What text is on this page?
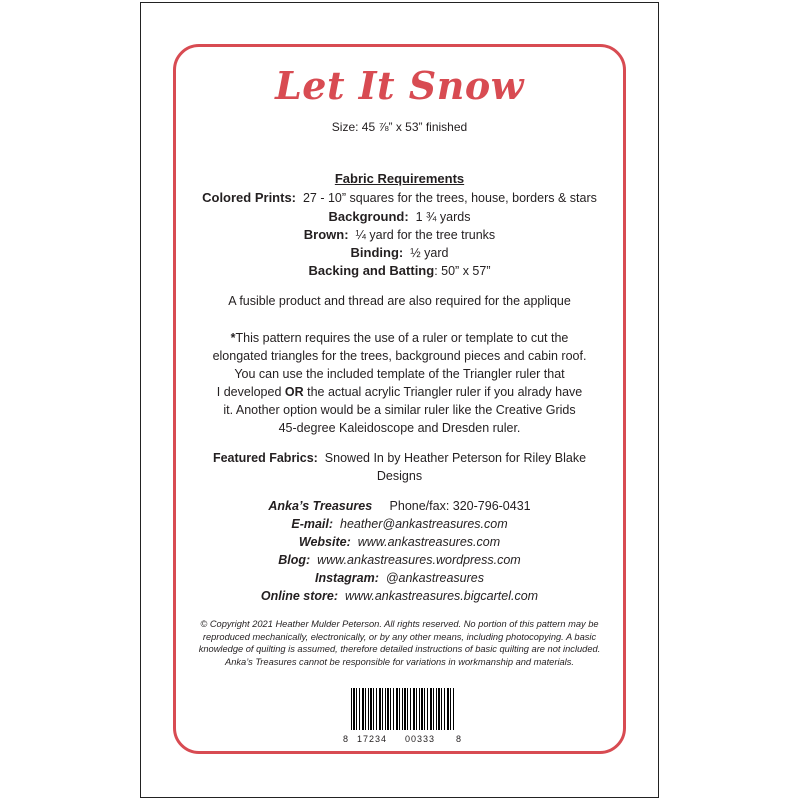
Let It Snow
Size: 45 ⅞” x 53” finished
Fabric Requirements
Colored Prints: 27 - 10” squares for the trees, house, borders & stars
Background: 1 ¾ yards
Brown: ¼ yard for the tree trunks
Binding: ½ yard
Backing and Batting: 50” x 57”
A fusible product and thread are also required for the applique
*This pattern requires the use of a ruler or template to cut the
elongated triangles for the trees, background pieces and cabin roof.
You can use the included template of the Triangler ruler that
I developed OR the actual acrylic Triangler ruler if you alrady have
it. Another option would be a similar ruler like the Creative Grids
45-degree Kaleidoscope and Dresden ruler.
Featured Fabrics: Snowed In by Heather Peterson for Riley Blake
Designs
Anka’s Treasures Phone/fax: 320-796-0431
E-mail: heather@ankastreasures.com
Website: www.ankastreasures.com
Blog: www.ankastreasures.wordpress.com
Instagram: @ankastreasures
Online store: www.ankastreasures.bigcartel.com
© Copyright 2021 Heather Mulder Peterson. All rights reserved. No portion of this pattern may be
reproduced mechanically, electronically, or by any other means, including photocopying. A basic
knowledge of quilting is assumed, therefore detailed instructions of basic quilting are not included.
Anka’s Treasures cannot be responsible for variations in workmanship and materials.
8 17234 00333 8
